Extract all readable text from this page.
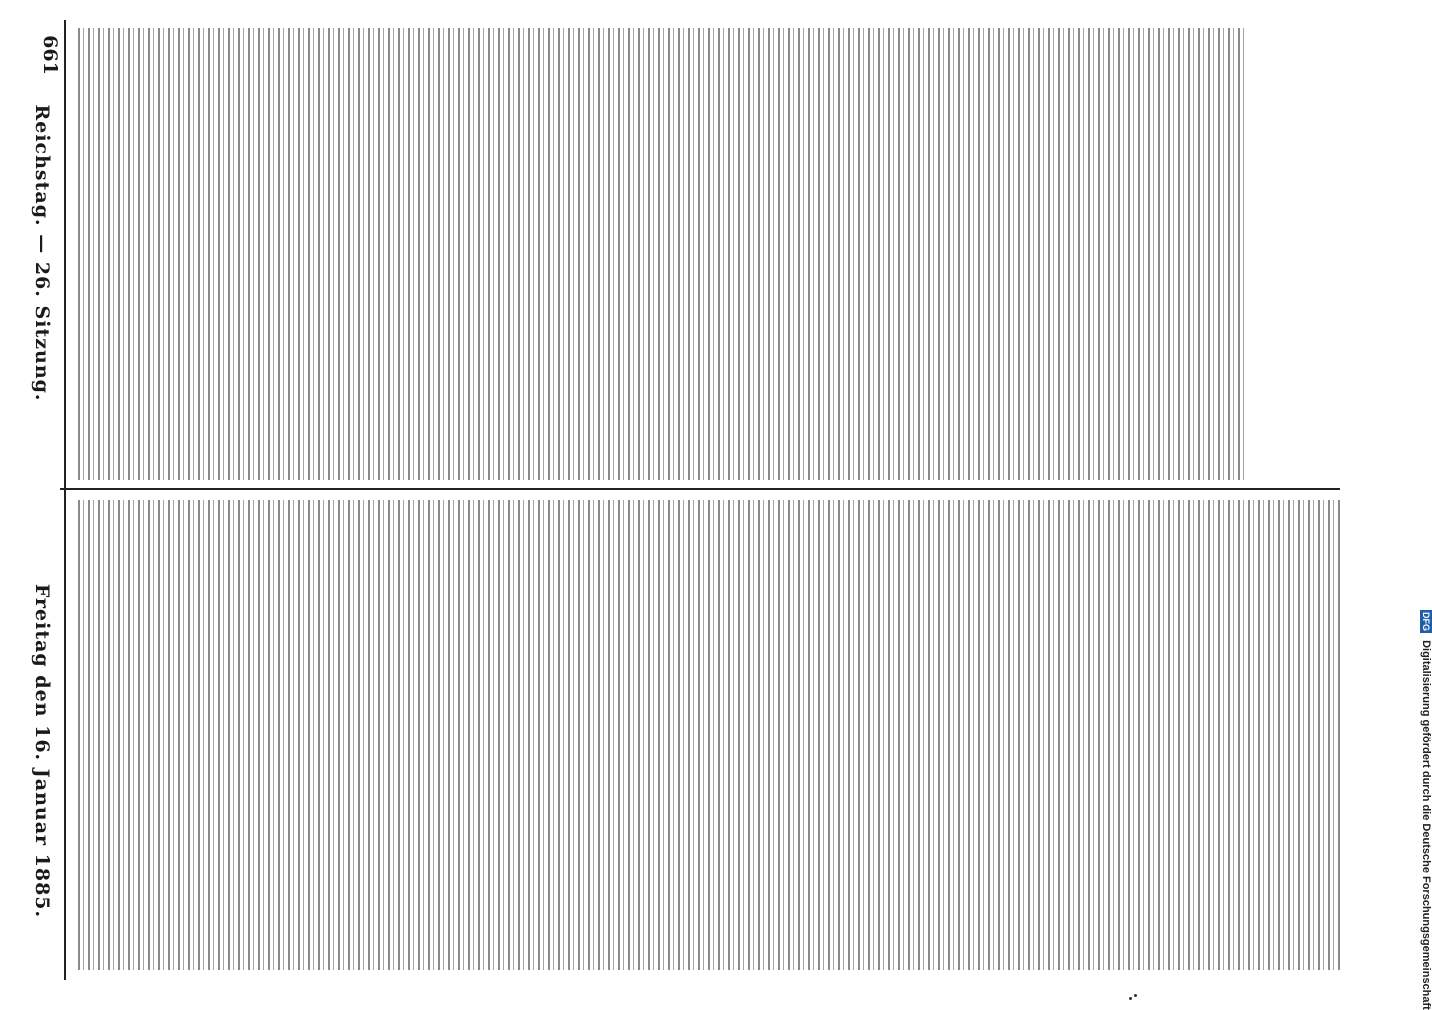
Reichstag. — 26. Sitzung.
Freitag den 16. Januar 1885.
661
DFG Digitalisierung gefördert durch die Deutsche Forschungsgemeinschaft
